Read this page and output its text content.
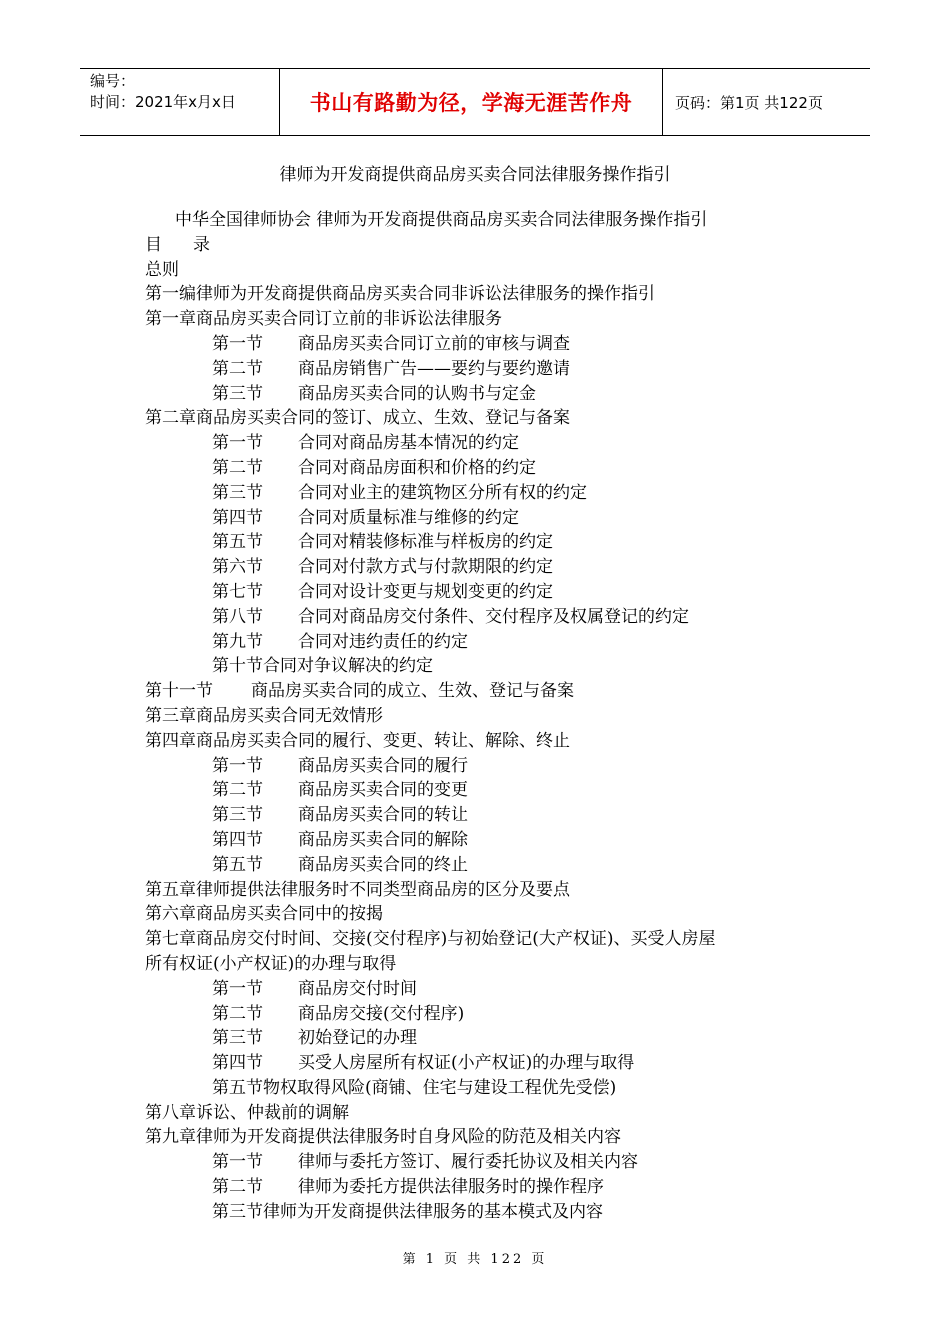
编号：
时间：2021年x月x日	书山有路勤为径，学海无涯苦作舟	页码：第1页 共122页
律师为开发商提供商品房买卖合同法律服务操作指引
中华全国律师协会 律师为开发商提供商品房买卖合同法律服务操作指引
目 录
总则
第一编律师为开发商提供商品房买卖合同非诉讼法律服务的操作指引
第一章商品房买卖合同订立前的非诉讼法律服务
第一节 商品房买卖合同订立前的审核与调查
第二节 商品房销售广告——要约与要约邀请
第三节 商品房买卖合同的认购书与定金
第二章商品房买卖合同的签订、成立、生效、登记与备案
第一节 合同对商品房基本情况的约定
第二节 合同对商品房面积和价格的约定
第三节 合同对业主的建筑物区分所有权的约定
第四节 合同对质量标准与维修的约定
第五节 合同对精装修标准与样板房的约定
第六节 合同对付款方式与付款期限的约定
第七节 合同对设计变更与规划变更的约定
第八节 合同对商品房交付条件、交付程序及权属登记的约定
第九节 合同对违约责任的约定
第十节合同对争议解决的约定
第十一节 商品房买卖合同的成立、生效、登记与备案
第三章商品房买卖合同无效情形
第四章商品房买卖合同的履行、变更、转让、解除、终止
第一节 商品房买卖合同的履行
第二节 商品房买卖合同的变更
第三节 商品房买卖合同的转让
第四节 商品房买卖合同的解除
第五节 商品房买卖合同的终止
第五章律师提供法律服务时不同类型商品房的区分及要点
第六章商品房买卖合同中的按揭
第七章商品房交付时间、交接(交付程序)与初始登记(大产权证)、买受人房屋
所有权证(小产权证)的办理与取得
第一节 商品房交付时间
第二节 商品房交接(交付程序)
第三节 初始登记的办理
第四节 买受人房屋所有权证(小产权证)的办理与取得
第五节物权取得风险(商铺、住宅与建设工程优先受偿)
第八章诉讼、仲裁前的调解
第九章律师为开发商提供法律服务时自身风险的防范及相关内容
第一节 律师与委托方签订、履行委托协议及相关内容
第二节 律师为委托方提供法律服务时的操作程序
第三节律师为开发商提供法律服务的基本模式及内容
第 1 页 共 122 页
